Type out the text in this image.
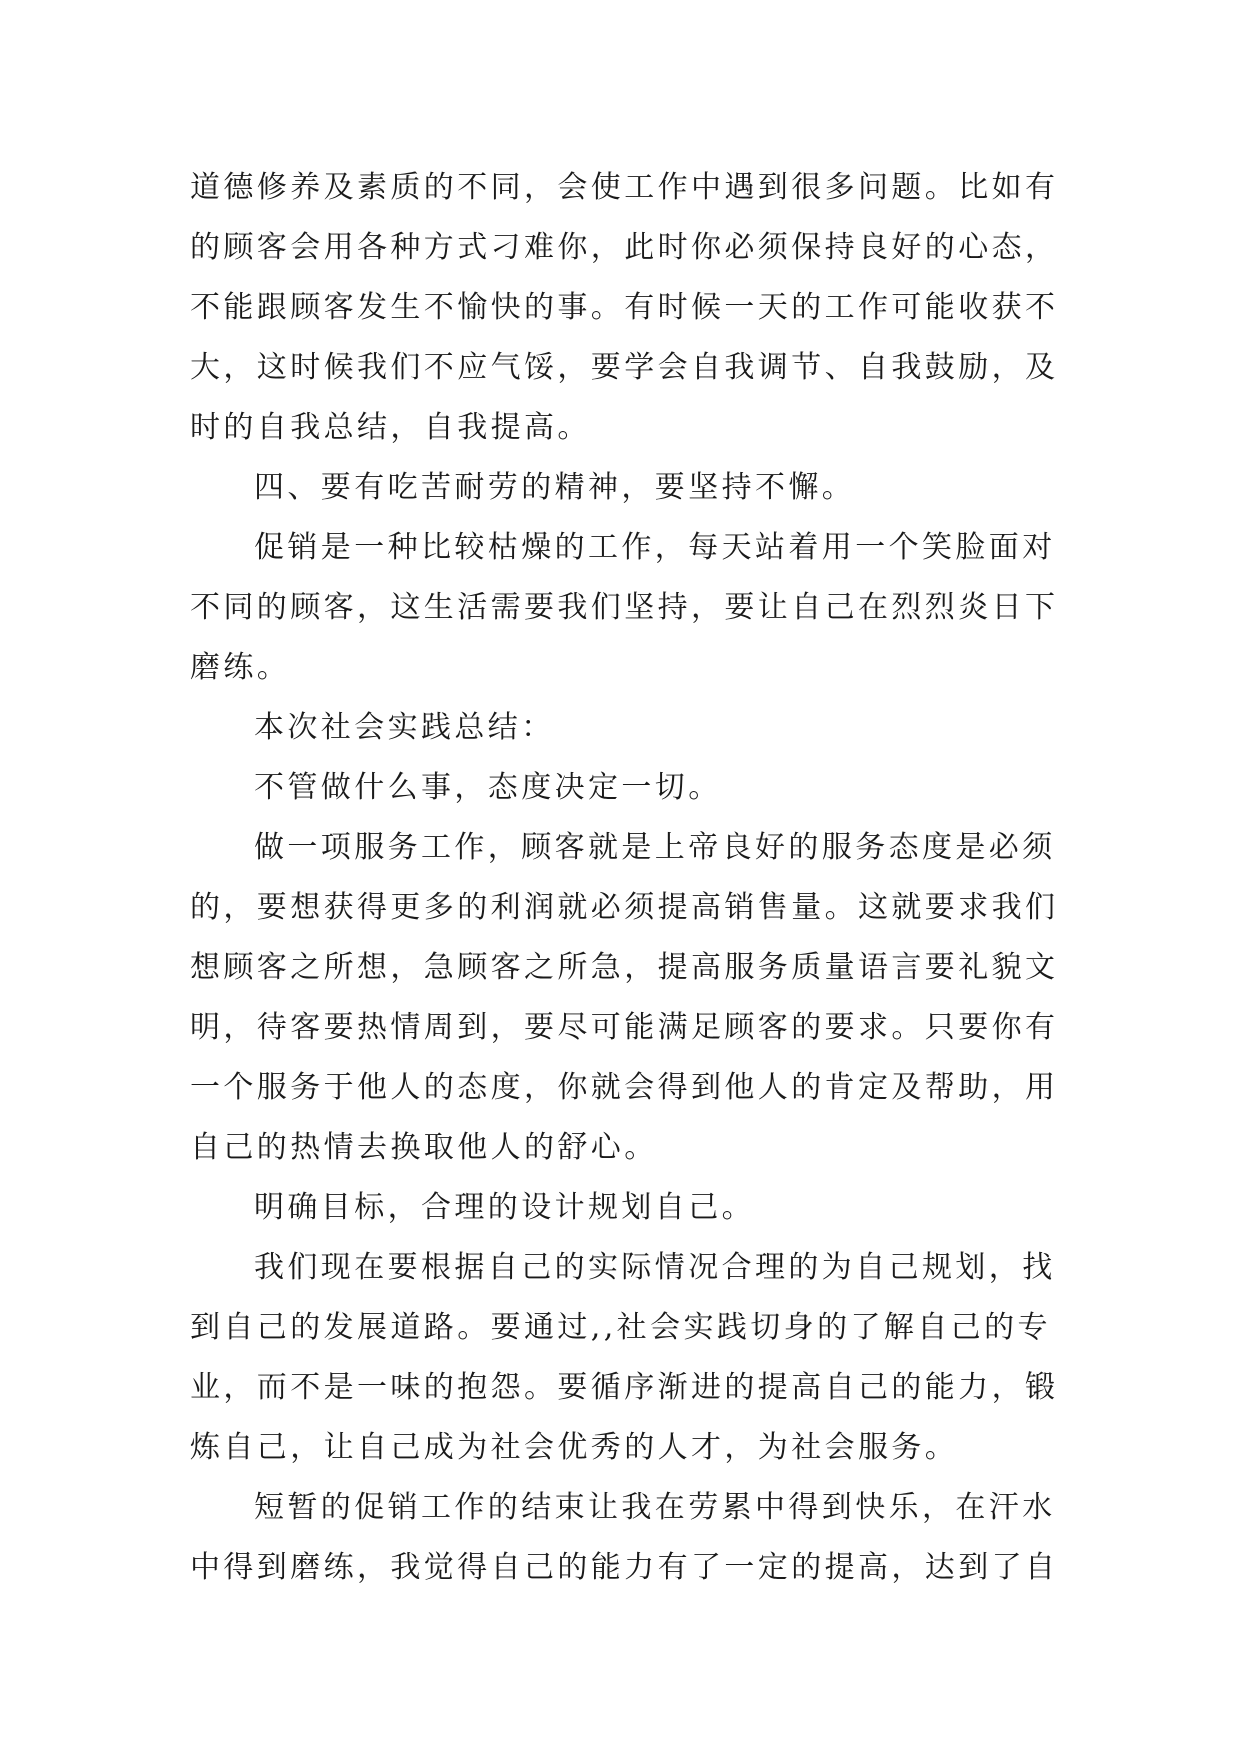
道德修养及素质的不同，会使工作中遇到很多问题。比如有
的顾客会用各种方式刁难你，此时你必须保持良好的心态，
不能跟顾客发生不愉快的事。有时候一天的工作可能收获不
大，这时候我们不应气馁，要学会自我调节、自我鼓励，及
时的自我总结，自我提高。
四、要有吃苦耐劳的精神，要坚持不懈。
促销是一种比较枯燥的工作，每天站着用一个笑脸面对
不同的顾客，这生活需要我们坚持，要让自己在烈烈炎日下
磨练。
本次社会实践总结：
不管做什么事，态度决定一切。
做一项服务工作，顾客就是上帝良好的服务态度是必须
的，要想获得更多的利润就必须提高销售量。这就要求我们
想顾客之所想，急顾客之所急，提高服务质量语言要礼貌文
明，待客要热情周到，要尽可能满足顾客的要求。只要你有
一个服务于他人的态度，你就会得到他人的肯定及帮助，用
自己的热情去换取他人的舒心。
明确目标，合理的设计规划自己。
我们现在要根据自己的实际情况合理的为自己规划，找
到自己的发展道路。要通过,,社会实践切身的了解自己的专
业，而不是一味的抱怨。要循序渐进的提高自己的能力，锻
炼自己，让自己成为社会优秀的人才，为社会服务。
短暂的促销工作的结束让我在劳累中得到快乐，在汗水
中得到磨练，我觉得自己的能力有了一定的提高，达到了自
